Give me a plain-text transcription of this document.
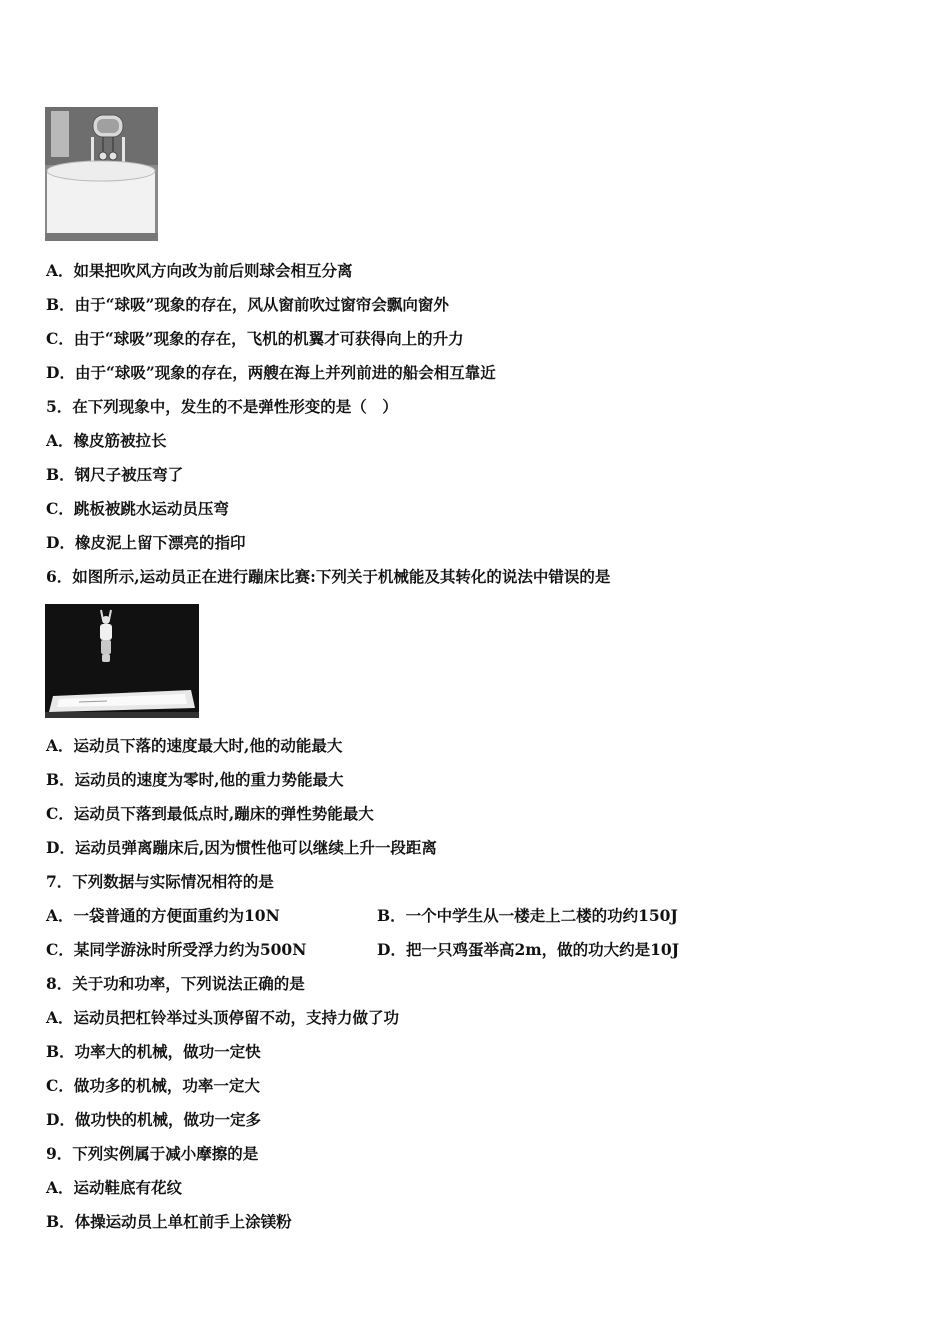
A．如果把吹风方向改为前后则球会相互分离
B．由于“球吸”现象的存在，风从窗前吹过窗帘会飘向窗外
C．由于“球吸”现象的存在，飞机的机翼才可获得向上的升力
D．由于“球吸”现象的存在，两艘在海上并列前进的船会相互靠近
5．在下列现象中，发生的不是弹性形变的是（　）
A．橡皮筋被拉长
B．钢尺子被压弯了
C．跳板被跳水运动员压弯
D．橡皮泥上留下漂亮的指印
6．如图所示,运动员正在进行蹦床比赛:下列关于机械能及其转化的说法中错误的是
A．运动员下落的速度最大时,他的动能最大
B．运动员的速度为零时,他的重力势能最大
C．运动员下落到最低点时,蹦床的弹性势能最大
D．运动员弹离蹦床后,因为惯性他可以继续上升一段距离
7．下列数据与实际情况相符的是
A．一袋普通的方便面重约为10N	B．一个中学生从一楼走上二楼的功约150J
C．某同学游泳时所受浮力约为500N	D．把一只鸡蛋举高2m，做的功大约是10J
8．关于功和功率，下列说法正确的是
A．运动员把杠铃举过头顶停留不动，支持力做了功
B．功率大的机械，做功一定快
C．做功多的机械，功率一定大
D．做功快的机械，做功一定多
9．下列实例属于减小摩擦的是
A．运动鞋底有花纹
B．体操运动员上单杠前手上涂镁粉
